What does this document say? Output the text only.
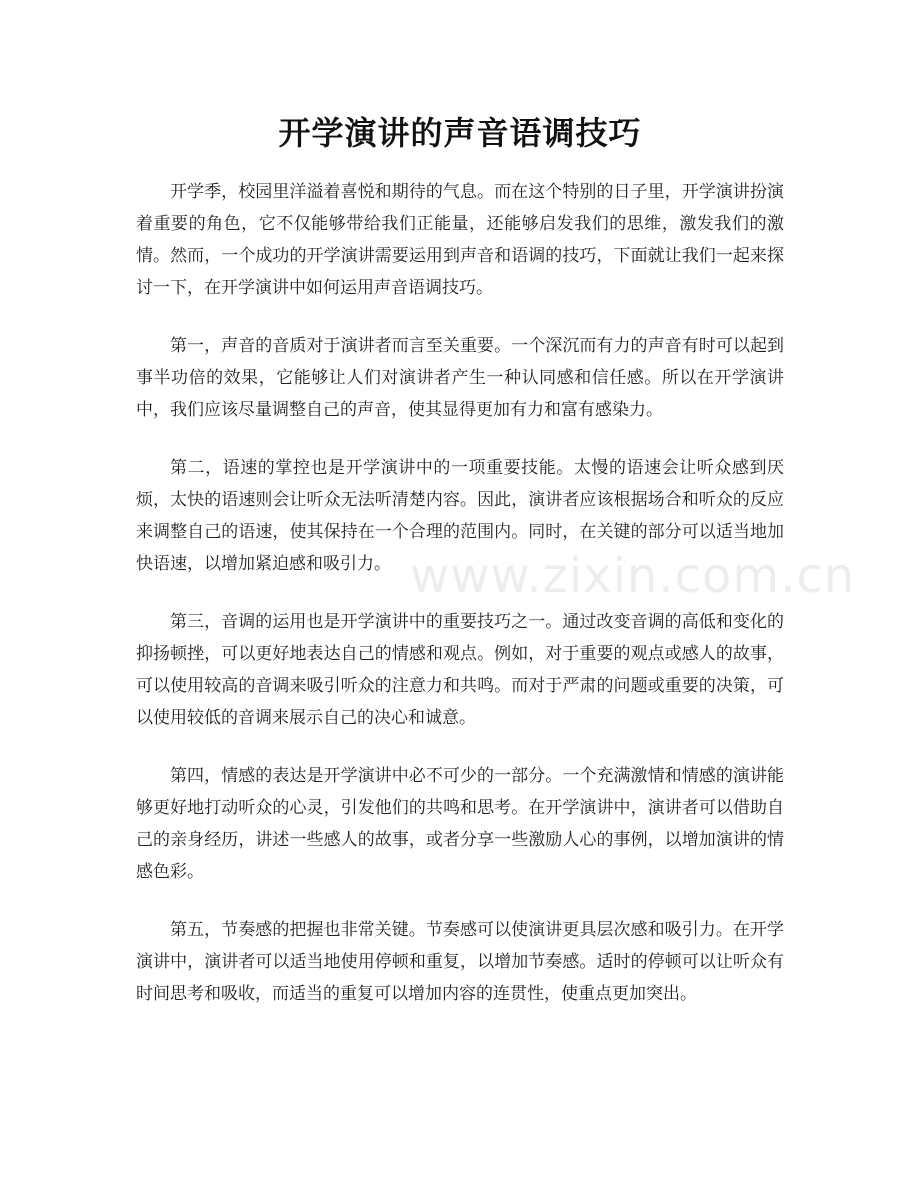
开学演讲的声音语调技巧

开学季，校园里洋溢着喜悦和期待的气息。而在这个特别的日子里，开学演讲扮演着重要的角色，它不仅能够带给我们正能量，还能够启发我们的思维，激发我们的激情。然而，一个成功的开学演讲需要运用到声音和语调的技巧，下面就让我们一起来探讨一下，在开学演讲中如何运用声音语调技巧。

第一，声音的音质对于演讲者而言至关重要。一个深沉而有力的声音有时可以起到事半功倍的效果，它能够让人们对演讲者产生一种认同感和信任感。所以在开学演讲中，我们应该尽量调整自己的声音，使其显得更加有力和富有感染力。

第二，语速的掌控也是开学演讲中的一项重要技能。太慢的语速会让听众感到厌烦，太快的语速则会让听众无法听清楚内容。因此，演讲者应该根据场合和听众的反应来调整自己的语速，使其保持在一个合理的范围内。同时，在关键的部分可以适当地加快语速，以增加紧迫感和吸引力。

第三，音调的运用也是开学演讲中的重要技巧之一。通过改变音调的高低和变化的抑扬顿挫，可以更好地表达自己的情感和观点。例如，对于重要的观点或感人的故事，可以使用较高的音调来吸引听众的注意力和共鸣。而对于严肃的问题或重要的决策，可以使用较低的音调来展示自己的决心和诚意。

第四，情感的表达是开学演讲中必不可少的一部分。一个充满激情和情感的演讲能够更好地打动听众的心灵，引发他们的共鸣和思考。在开学演讲中，演讲者可以借助自己的亲身经历，讲述一些感人的故事，或者分享一些激励人心的事例，以增加演讲的情感色彩。

第五，节奏感的把握也非常关键。节奏感可以使演讲更具层次感和吸引力。在开学演讲中，演讲者可以适当地使用停顿和重复，以增加节奏感。适时的停顿可以让听众有时间思考和吸收，而适当的重复可以增加内容的连贯性，使重点更加突出。

www.zixin.com.cn
